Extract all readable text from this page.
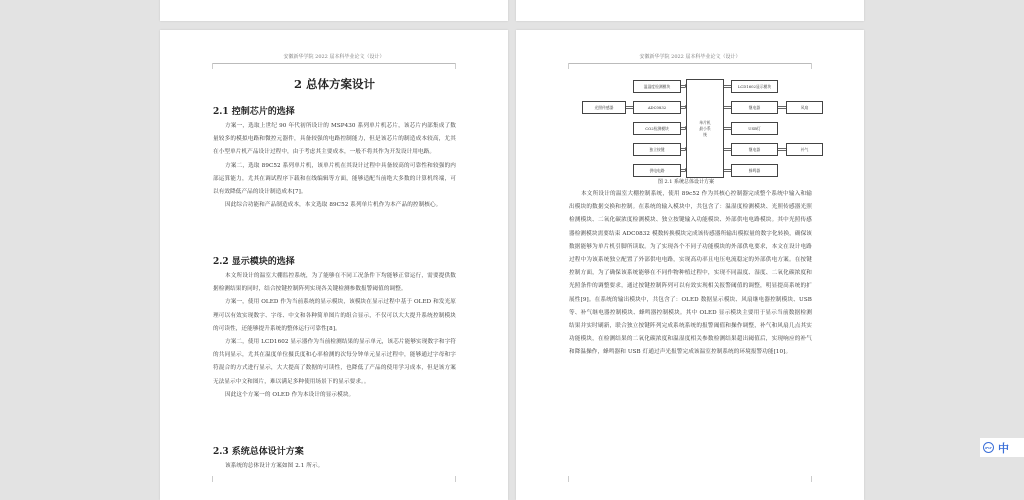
安徽新华学院 2022 届本科毕业论文（设计）
2 总体方案设计
2.1 控制芯片的选择
方案一，选取上世纪 90 年代初所设计的 MSP430 系列单片机芯片，该芯片内部集成了数量较多的模拟电路和微控元器件，具备较强的电路控制能力，但是该芯片的制造成本较高，尤其在小型单片机产品设计过程中，由于考虑其主要成本，一般不将其作为开发设计用电路。
方案二，选取 89C52 系列单片机，该单片机在其设计过程中具备较高的可靠性和较强的内部运算能力，尤其在调试程序下载和在线编辑等方面，能够适配当前绝大多数的计算机终端，可以有效降低产品的设计制造成本[7]。
因此综合功能和产品制造成本，本文选取 89C52 系列单片机作为本产品的控制核心。
2.2 显示模块的选择
本文所设计的温室大棚监控系统，为了能够在不同工况条件下均能够正常运行，需要提供数据检测结果的同时，结合按键控制阵列实现各关键检测参数报警阈值的调整。
方案一，使用 OLED 作为当前系统的显示模块，该模块在显示过程中基于 OLED 和发光原理可以有效实现数字、字母、中文和各种简单图片的组合显示，不仅可以大大提升系统控制模块的可读性，还能够提升系统的整体运行可靠性[8]。
方案二，使用 LCD1602 显示器作为当前检测结果的显示单元，该芯片能够实现数字和字符的共同显示，尤其在温度单位摄氏度和心率检测的次每分钟单元显示过程中，能够通过字母和字符混合的方式进行显示，大大提高了数据的可读性，也降低了产品的使用学习成本，但是该方案无法显示中文和图片，难以满足多种使用场景下的显示要求。。
因此这个方案一的 OLED 作为本设计的显示模块。
2.3 系统总体设计方案
该系统的总体设计方案如图 2.1 所示。
安徽新华学院 2022 届本科毕业论文（设计）
光照传感器
温湿度检测模块
ADC0832
CO2检测模块
独立按键
供电电路
单片机最小系统
LCD1602显示模块
继电器
USB灯
继电器
蜂鸣器
风扇
补气
图 2.1 系统总体设计方案
本文所设计的温室大棚控制系统，使用 89c52 作为其核心控制器完成整个系统中输入和输出模块的数据交换和控制。在系统的输入模块中，共包含了：温湿度检测模块、光照传感器光照检测模块、二氧化碳浓度检测模块、独立按键输入功能模块、外部供电电路模块。其中光照传感器检测模块需要结束 ADC0832 模数转换模块完成该传感器所输出模拟量的数字化转换，确保该数据能够为单片机引脚所读取。为了实现各个不同子功能模块的外部供电要求，本文在设计电路过程中为该系统独立配置了外部供电电路，实现高功率且电压电流稳定的外部供电方案。在按键控制方面，为了确保该系统能够在不同作物种植过程中，实现不同温度、湿度、二氧化碳浓度和光照条件的调整要求，通过按键控制阵列可以有效实现相关报警阈值的调整，明显提高系统的扩展性[9]。在系统的输出模块中，共包含了：OLED 数据显示模块、风扇继电器控制模块、USB 等、补气继电器控制模块、蜂鸣器控制模块。其中 OLED 显示模块主要用于显示当前数据检测结果并实时刷新，联合独立按键阵列完成系统系统的报警阈值和操作调整，补气和风扇几点其实功能模块，在检测结果的二氧化碳浓度和温湿度相关参数检测结果超出阈值后，实现响应的补气和降温操作，蜂鸣器和 USB 灯通过声光报警完成该温室控制系统的环境报警功能[10]。
iFLY 中
